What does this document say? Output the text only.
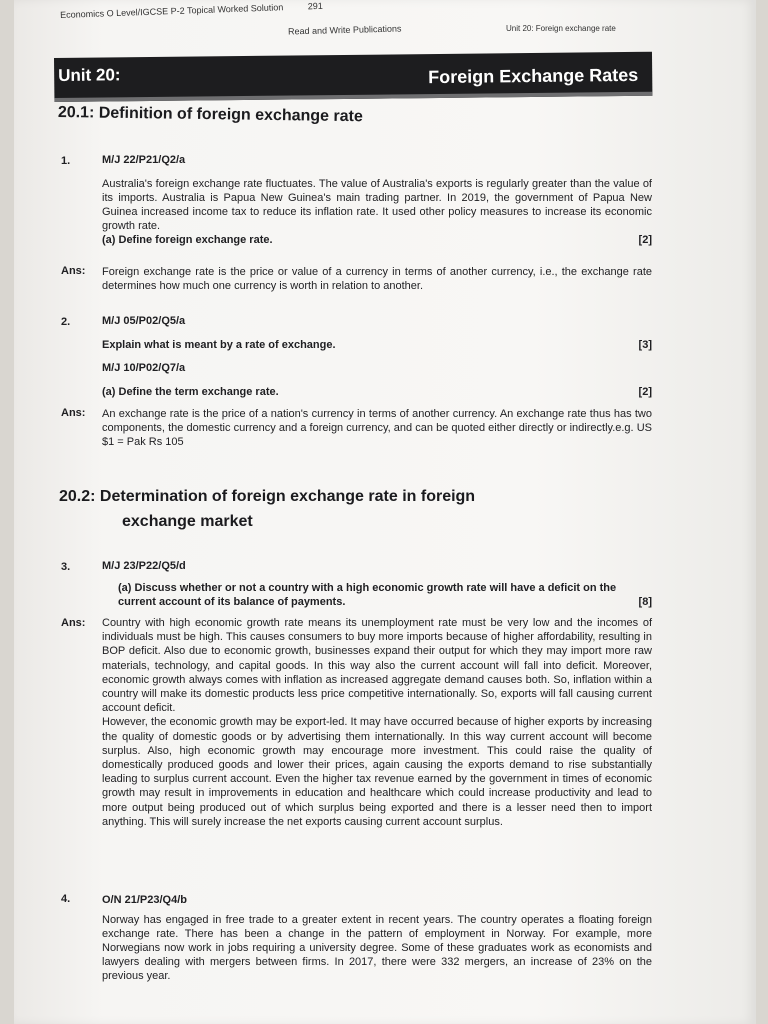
Economics O Level/IGCSE P-2 Topical Worked Solution	291
Read and Write Publications	Unit 20: Foreign exchange rate
Unit 20:	Foreign Exchange Rates
20.1: Definition of foreign exchange rate
1.	M/J 22/P21/Q2/a

Australia's foreign exchange rate fluctuates. The value of Australia's exports is regularly greater than the value of its imports. Australia is Papua New Guinea's main trading partner. In 2019, the government of Papua New Guinea increased income tax to reduce its inflation rate. It used other policy measures to increase its economic growth rate.

(a) Define foreign exchange rate.	[2]
Ans: Foreign exchange rate is the price or value of a currency in terms of another currency, i.e., the exchange rate determines how much one currency is worth in relation to another.

2.	M/J 05/P02/Q5/a
Explain what is meant by a rate of exchange.	[3]
M/J 10/P02/Q7/a
(a) Define the term exchange rate.	[2]
Ans: An exchange rate is the price of a nation's currency in terms of another currency. An exchange rate thus has two components, the domestic currency and a foreign currency, and can be quoted either directly or indirectly.e.g. US $1 = Pak Rs 105

20.2: Determination of foreign exchange rate in foreign
exchange market
3.	M/J 23/P22/Q5/d
(a) Discuss whether or not a country with a high economic growth rate will have a deficit on the current account of its balance of payments.	[8]
Ans: Country with high economic growth rate means its unemployment rate must be very low and the incomes of individuals must be high. This causes consumers to buy more imports because of higher affordability, resulting in BOP deficit. Also due to economic growth, businesses expand their output for which they may import more raw materials, technology, and capital goods. In this way also the current account will fall into deficit. Moreover, economic growth always comes with inflation as increased aggregate demand causes both. So, inflation within a country will make its domestic products less price competitive internationally. So, exports will fall causing current account deficit.

However, the economic growth may be export-led. It may have occurred because of higher exports by increasing the quality of domestic goods or by advertising them internationally. In this way current account will become surplus. Also, high economic growth may encourage more investment. This could raise the quality of domestically produced goods and lower their prices, again causing the exports demand to rise substantially leading to surplus current account. Even the higher tax revenue earned by the government in times of economic growth may result in improvements in education and healthcare which could increase productivity and lead to more output being produced out of which surplus being exported and there is a lesser need then to import anything. This will surely increase the net exports causing current account surplus.

4.	O/N 21/P23/Q4/b

Norway has engaged in free trade to a greater extent in recent years. The country operates a floating foreign exchange rate. There has been a change in the pattern of employment in Norway. For example, more Norwegians now work in jobs requiring a university degree. Some of these graduates work as economists and lawyers dealing with mergers between firms. In 2017, there were 332 mergers, an increase of 23% on the previous year.
